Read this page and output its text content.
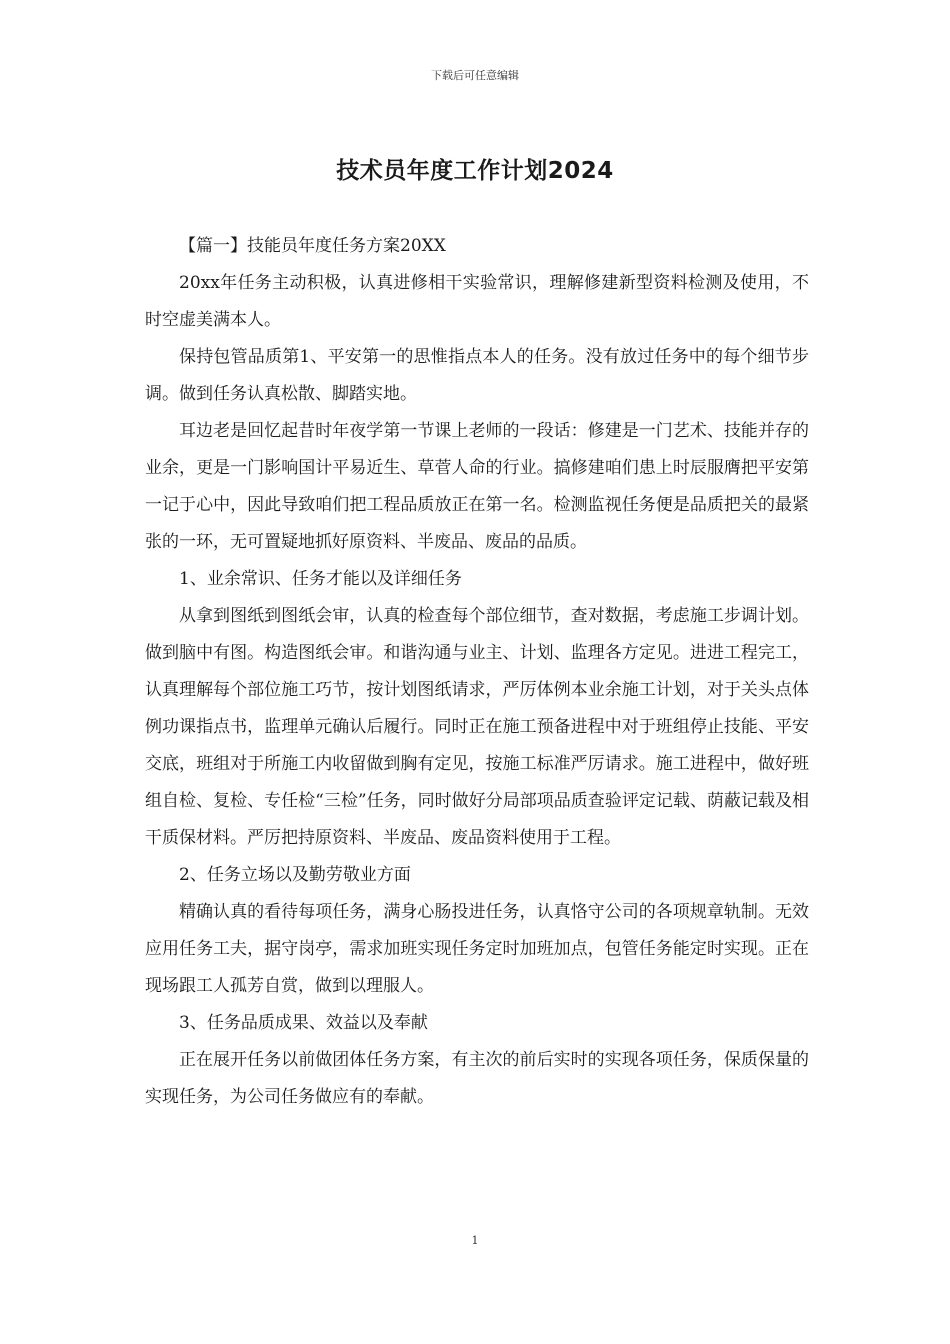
下载后可任意编辑
技术员年度工作计划2024

【篇一】技能员年度任务方案20XX

20xx年任务主动积极，认真进修相干实验常识，理解修建新型资料检测及使用，不时空虚美满本人。

保持包管品质第1、平安第一的思惟指点本人的任务。没有放过任务中的每个细节步调。做到任务认真松散、脚踏实地。

耳边老是回忆起昔时年夜学第一节课上老师的一段话：修建是一门艺术、技能并存的业余，更是一门影响国计平易近生、草菅人命的行业。搞修建咱们患上时辰服膺把平安第一记于心中，因此导致咱们把工程品质放正在第一名。检测监视任务便是品质把关的最紧张的一环，无可置疑地抓好原资料、半废品、废品的品质。

1、业余常识、任务才能以及详细任务

从拿到图纸到图纸会审，认真的检查每个部位细节，查对数据，考虑施工步调计划。做到脑中有图。构造图纸会审。和谐沟通与业主、计划、监理各方定见。进进工程完工，认真理解每个部位施工巧节，按计划图纸请求，严厉体例本业余施工计划，对于关头点体例功课指点书，监理单元确认后履行。同时正在施工预备进程中对于班组停止技能、平安交底，班组对于所施工内收留做到胸有定见，按施工标准严厉请求。施工进程中，做好班组自检、复检、专任检“三检”任务，同时做好分局部项品质查验评定记载、荫蔽记载及相干质保材料。严厉把持原资料、半废品、废品资料使用于工程。

2、任务立场以及勤劳敬业方面

精确认真的看待每项任务，满身心肠投进任务，认真恪守公司的各项规章轨制。无效应用任务工夫，据守岗亭，需求加班实现任务定时加班加点，包管任务能定时实现。正在现场跟工人孤芳自赏，做到以理服人。

3、任务品质成果、效益以及奉献

正在展开任务以前做团体任务方案，有主次的前后实时的实现各项任务，保质保量的实现任务，为公司任务做应有的奉献。

1
